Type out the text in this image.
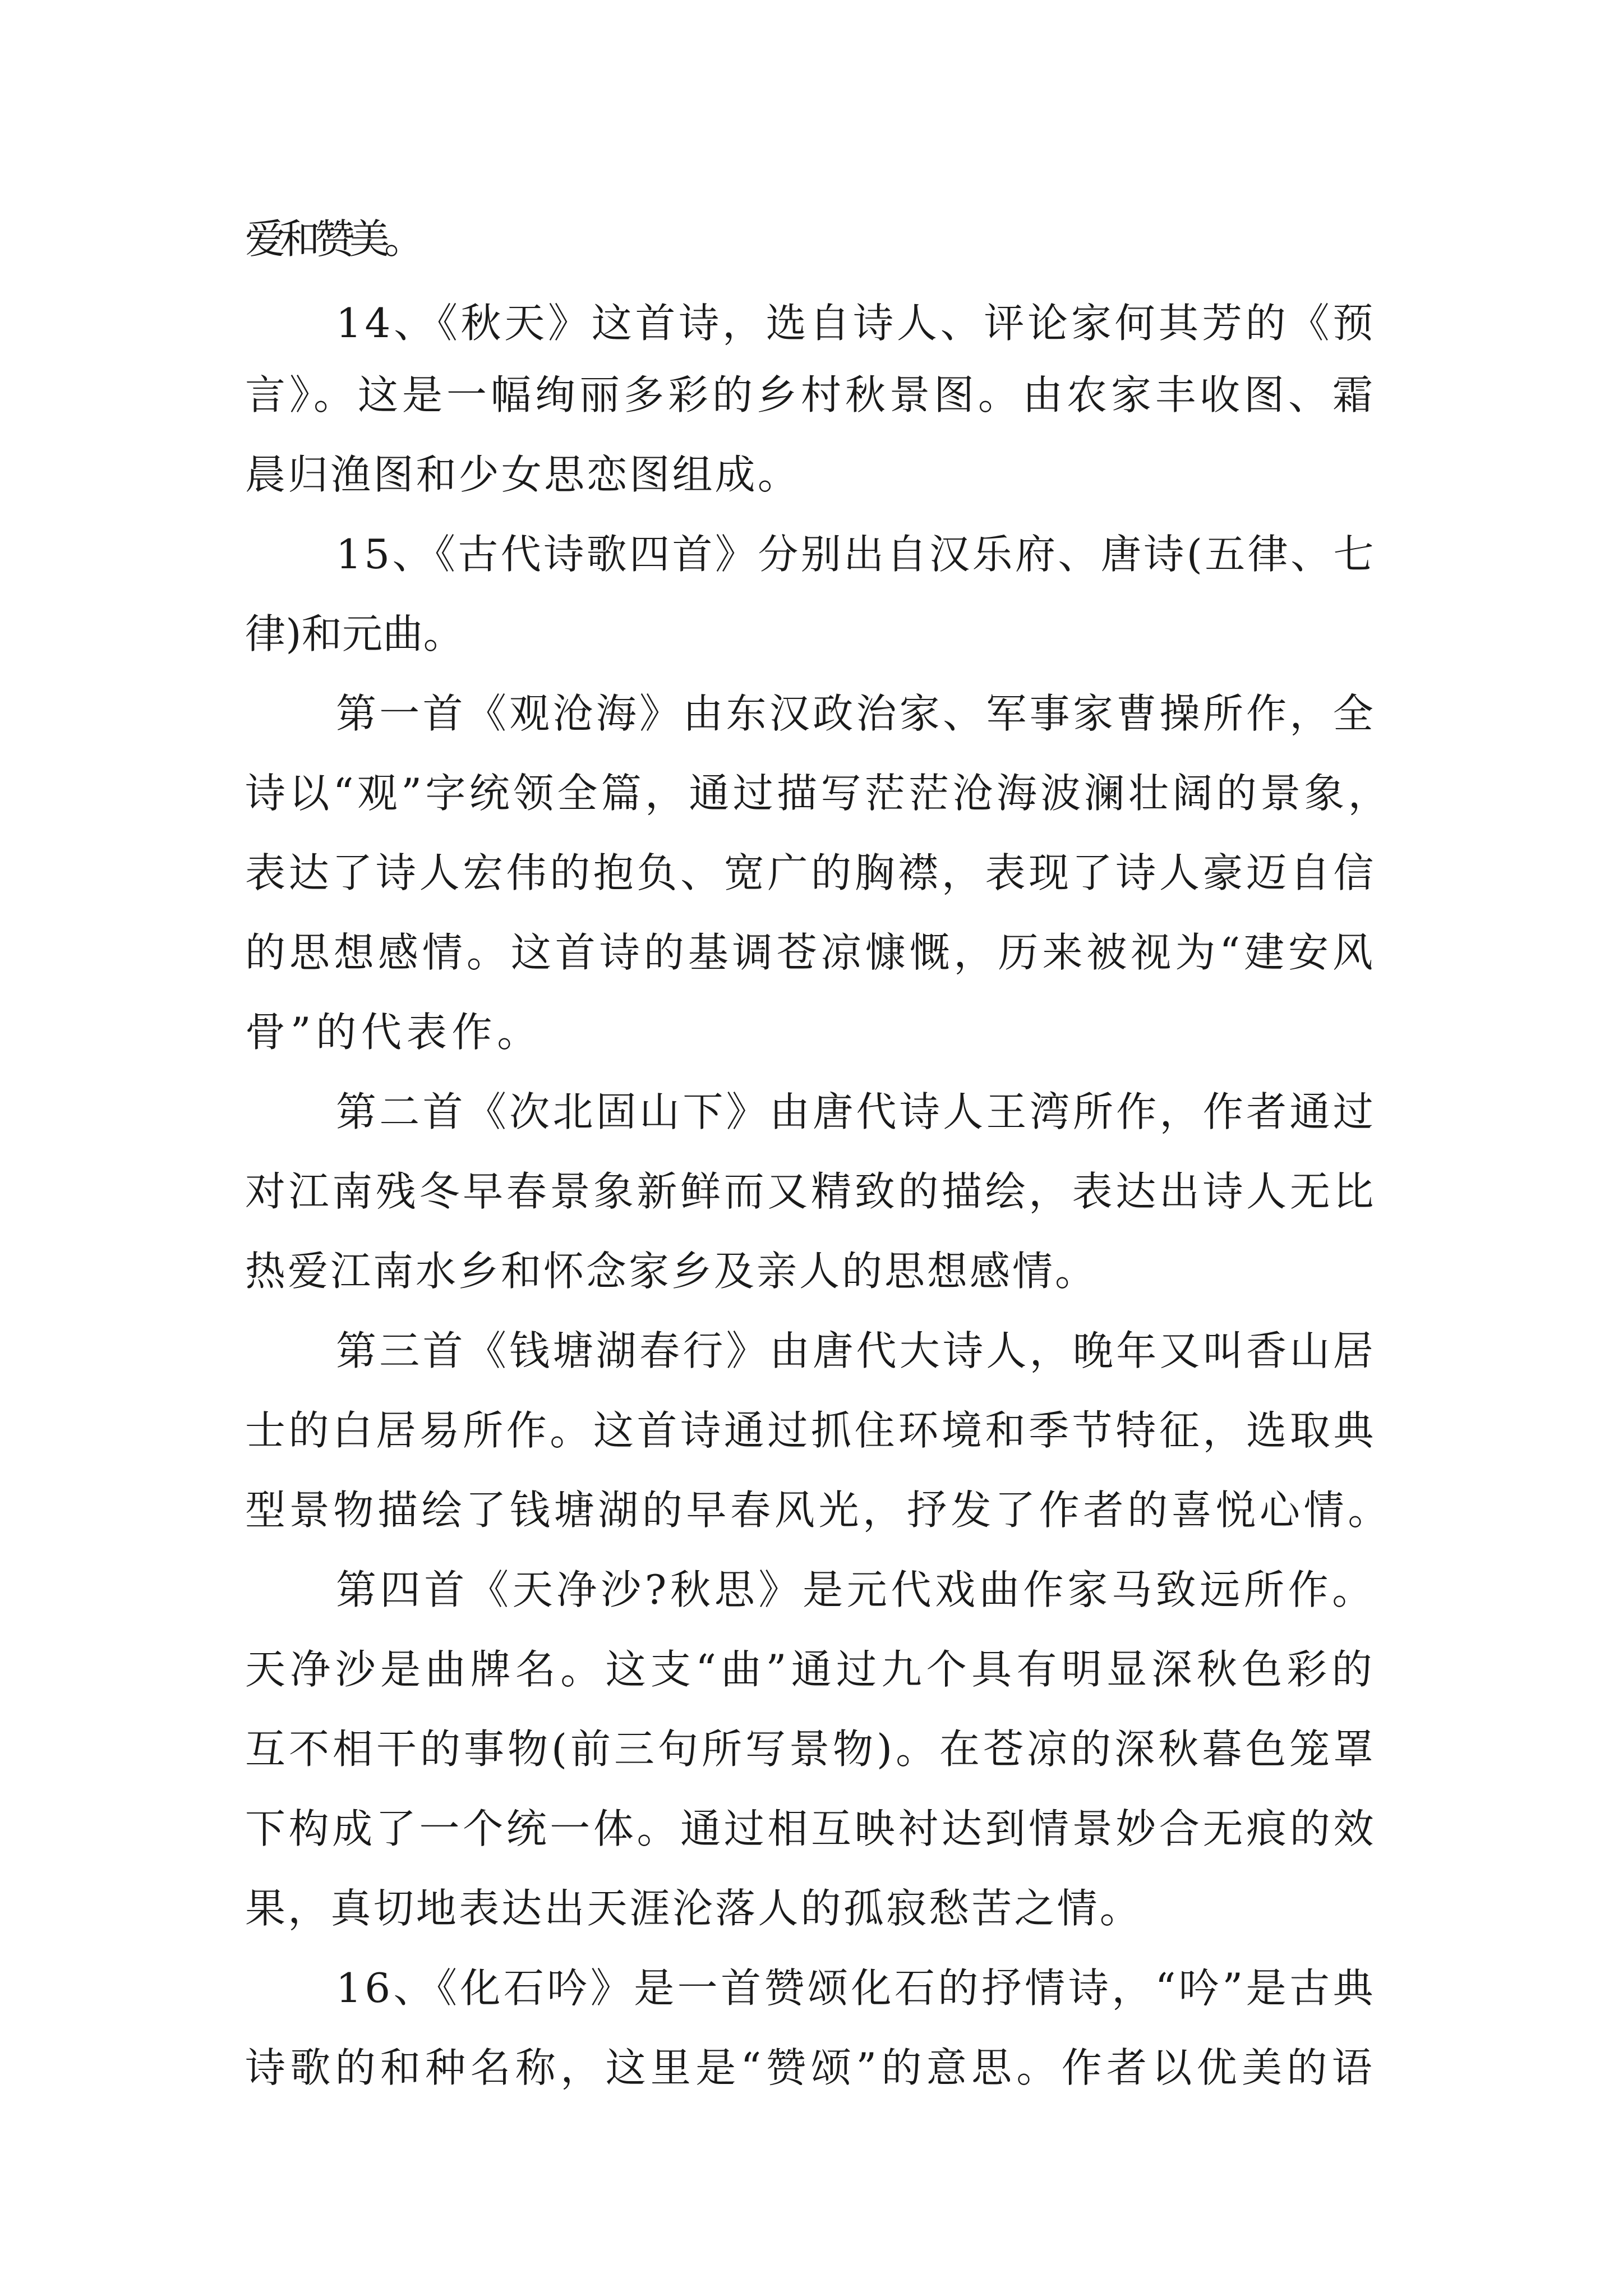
爱和赞美。

14、《秋天》这首诗，选自诗人、评论家何其芳的《预

言》。这是一幅绚丽多彩的乡村秋景图。由农家丰收图、霜

晨归渔图和少女思恋图组成。

15、《古代诗歌四首》分别出自汉乐府、唐诗(五律、七

律)和元曲。

第一首《观沧海》由东汉政治家、军事家曹操所作，全

诗以“观”字统领全篇，通过描写茫茫沧海波澜壮阔的景象，

表达了诗人宏伟的抱负、宽广的胸襟，表现了诗人豪迈自信

的思想感情。这首诗的基调苍凉慷慨，历来被视为“建安风

骨”的代表作。

第二首《次北固山下》由唐代诗人王湾所作，作者通过

对江南残冬早春景象新鲜而又精致的描绘，表达出诗人无比

热爱江南水乡和怀念家乡及亲人的思想感情。

第三首《钱塘湖春行》由唐代大诗人，晚年又叫香山居

士的白居易所作。这首诗通过抓住环境和季节特征，选取典

型景物描绘了钱塘湖的早春风光，抒发了作者的喜悦心情。

第四首《天净沙?秋思》是元代戏曲作家马致远所作。

天净沙是曲牌名。这支“曲”通过九个具有明显深秋色彩的

互不相干的事物(前三句所写景物)。在苍凉的深秋暮色笼罩

下构成了一个统一体。通过相互映衬达到情景妙合无痕的效

果，真切地表达出天涯沦落人的孤寂愁苦之情。

16、《化石吟》是一首赞颂化石的抒情诗，“吟”是古典

诗歌的和种名称，这里是“赞颂”的意思。作者以优美的语
